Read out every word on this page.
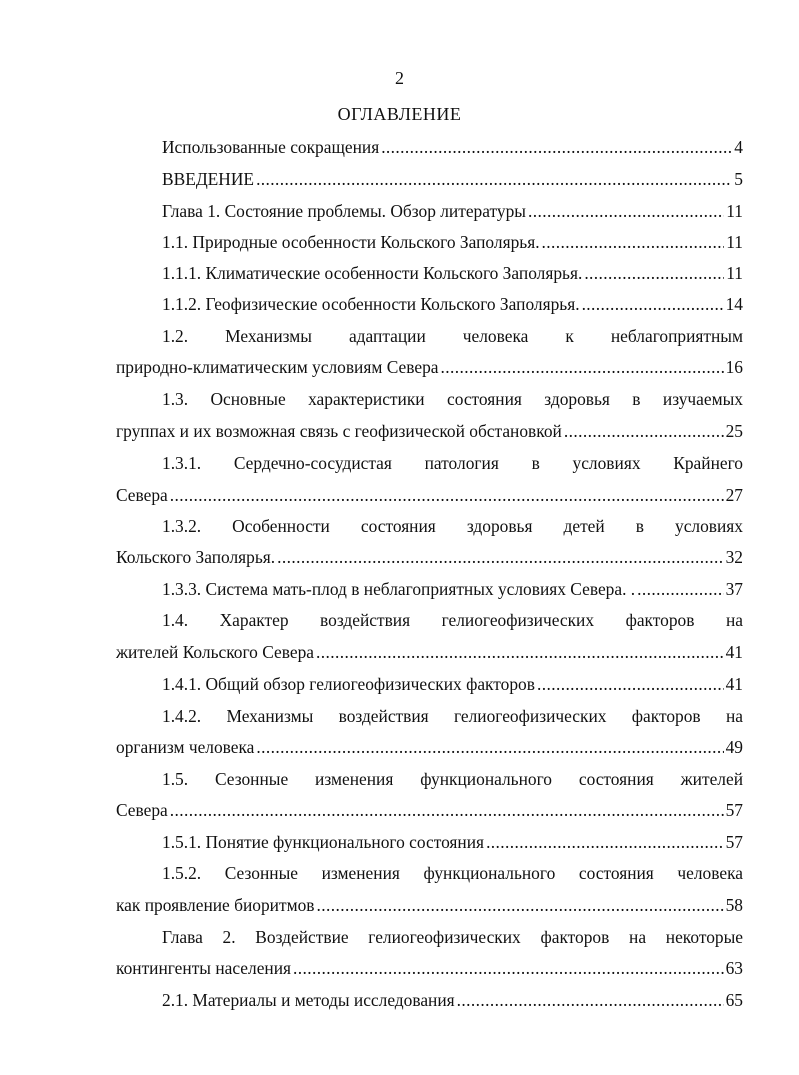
2
ОГЛАВЛЕНИЕ
Использованные сокращения .....	4
ВВЕДЕНИЕ .....	5
Глава 1. Состояние проблемы. Обзор литературы .....	11
1.1. Природные особенности Кольского Заполярья. .....	11
1.1.1. Климатические особенности Кольского Заполярья. .....	11
1.1.2. Геофизические особенности Кольского Заполярья. .....	14
1.2. Механизмы адаптации человека к неблагоприятным
природно-климатическим условиям Севера .....	16
1.3. Основные характеристики состояния здоровья в изучаемых
группах и их возможная связь с геофизической обстановкой .....	25
1.3.1. Сердечно-сосудистая патология в условиях Крайнего
Севера .....	27
1.3.2. Особенности состояния здоровья детей в условиях
Кольского Заполярья. .....	32
1.3.3. Система мать-плод в неблагоприятных условиях Севера. . .....	37
1.4. Характер воздействия гелиогеофизических факторов на
жителей Кольского Севера .....	41
1.4.1. Общий обзор гелиогеофизических факторов .....	41
1.4.2. Механизмы воздействия гелиогеофизических факторов на
организм человека .....	49
1.5. Сезонные изменения функционального состояния жителей
Севера .....	57
1.5.1. Понятие функционального состояния .....	57
1.5.2. Сезонные изменения функционального состояния человека
как проявление биоритмов .....	58
Глава 2. Воздействие гелиогеофизических факторов на некоторые
контингенты населения .....	63
2.1. Материалы и методы исследования .....	65
